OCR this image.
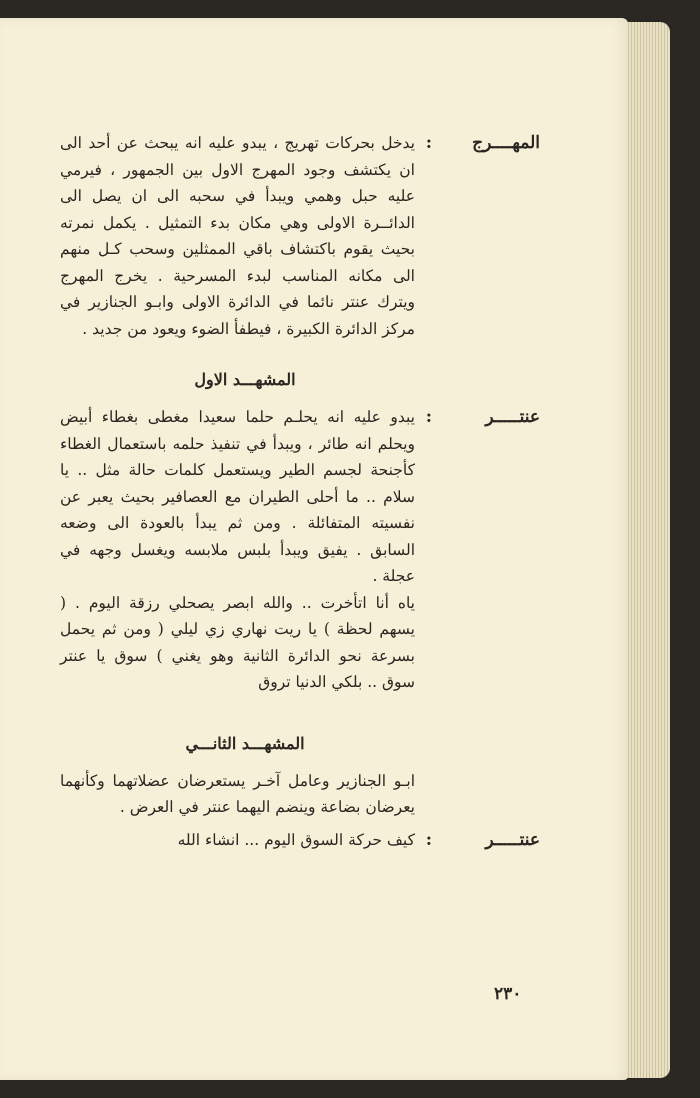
المهــــرج
:
يدخل بحركات تهريج ، يبدو عليه انه يبحث عن أحد الى ان يكتشف وجود المهرج الاول بين الجمهور ، فيرمي عليه حبل وهمي ويبدأ في سحبه الى ان يصل الى الدائــرة الاولى وهي مكان بدء التمثيل . يكمل نمرته بحيث يقوم باكتشاف باقي الممثلين وسحب كـل منهم الى مكانه المناسب لبدء المسرحية . يخرج المهرج ويترك عنتر نائما في الدائرة الاولى وابـو الجنازير في مركز الدائرة الكبيرة ، فيطفأ الضوء ويعود من جديد .
المشهـــد الاول
عنتـــــر
:
يبدو عليه انه يحلـم حلما سعيدا مغطى بغطاء أبيض ويحلم انه طائر ، ويبدأ في تنفيذ حلمه باستعمال الغطاء كأجنحة لجسم الطير ويستعمل كلمات حالة مثل .. يا سلام .. ما أحلى الطيران مع العصافير بحيث يعبر عن نفسيته المتفائلة . ومن ثم يبدأ بالعودة الى وضعه السابق . يفيق ويبدأ بلبس ملابسه ويغسل وجهه في عجلة .
ياه أنا اتأخرت .. والله ابصر يصحلي رزقة اليوم . ( يسهم لحظة ) يا ريت نهاري زي ليلي ( ومن ثم يحمل بسرعة نحو الدائرة الثانية وهو يغني ) سوق يا عنتر سوق .. بلكي الدنيا تروق
المشهـــد الثانـــي
ابـو الجنازير وعامل آخـر يستعرضان عضلاتهما وكأنهما يعرضان بضاعة وينضم اليهما عنتر في العرض .
عنتـــــر
:
كيف حركة السوق اليوم ... انشاء الله
٢٣٠
